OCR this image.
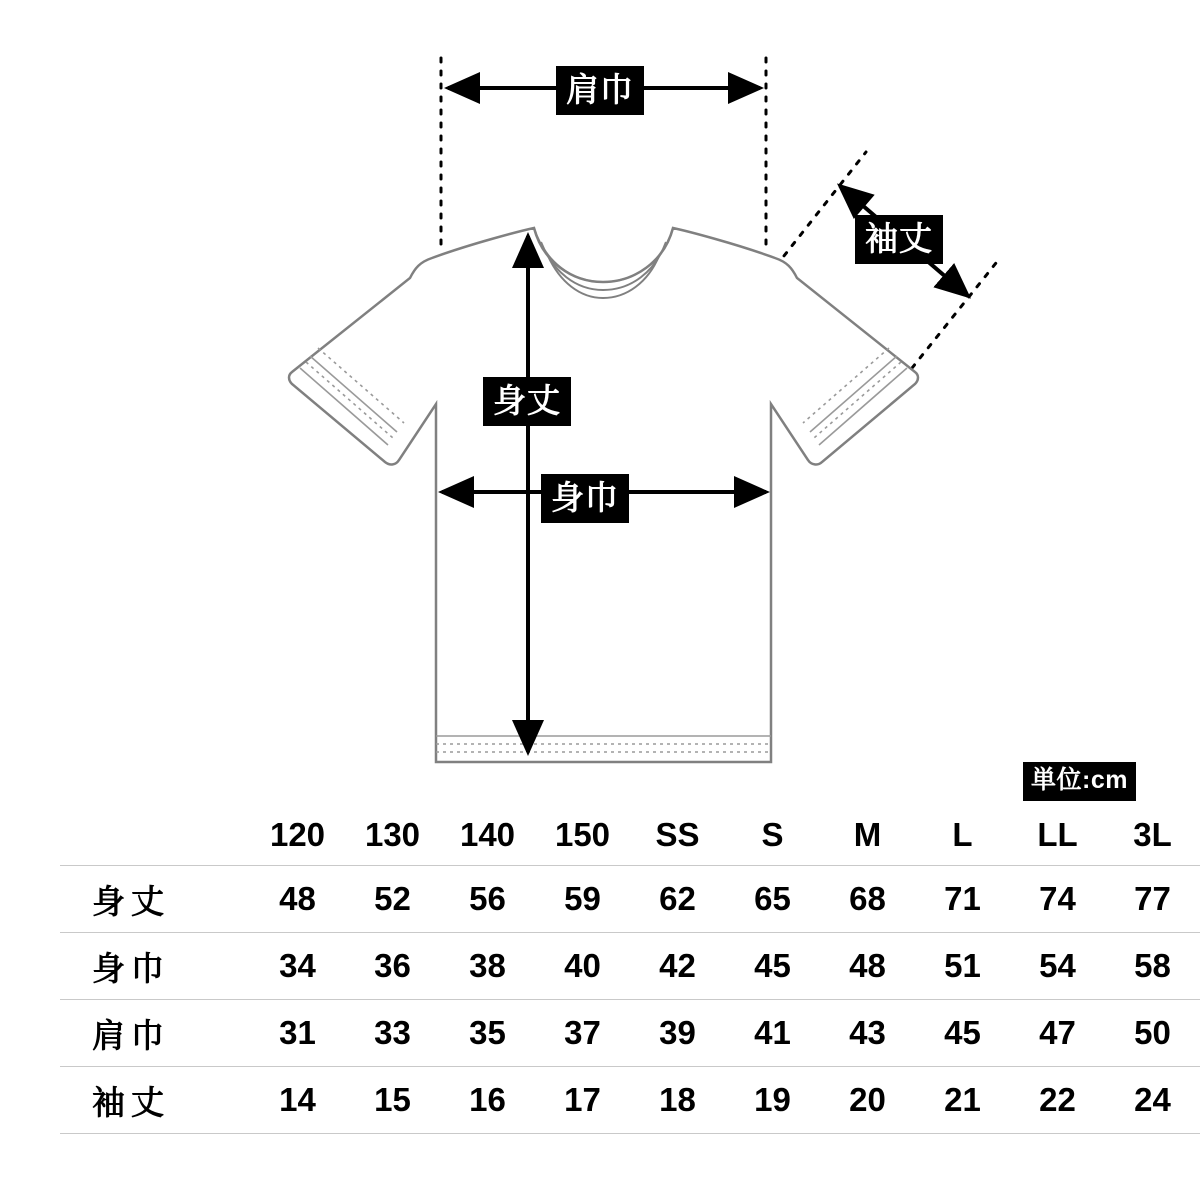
肩巾
袖丈
身丈
身巾
単位:cm
	120	130	140	150	SS	S	M	L	LL	3L
身丈	48	52	56	59	62	65	68	71	74	77
身巾	34	36	38	40	42	45	48	51	54	58
肩巾	31	33	35	37	39	41	43	45	47	50
袖丈	14	15	16	17	18	19	20	21	22	24
